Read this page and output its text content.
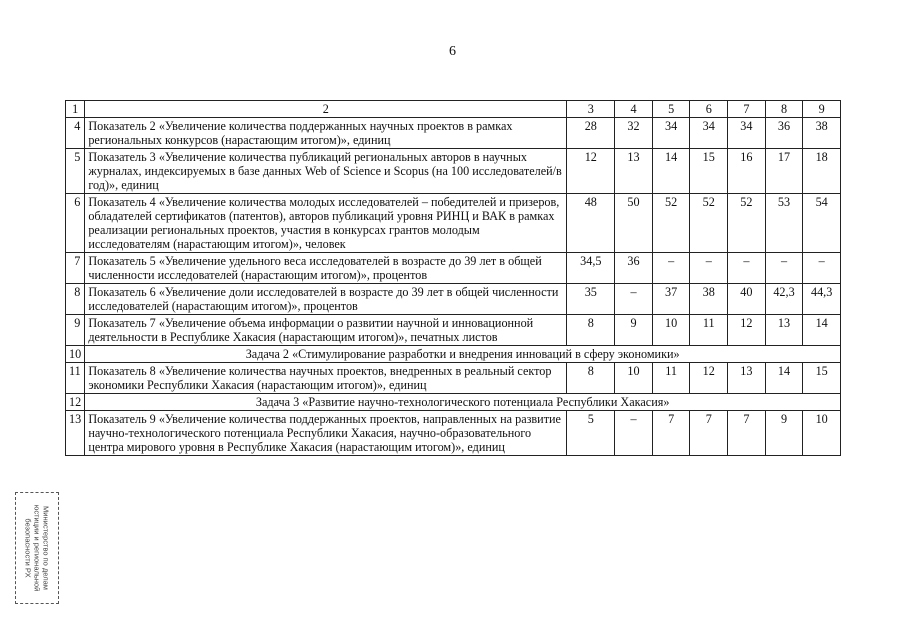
6
1	2	3	4	5	6	7	8	9
4	Показатель 2 «Увеличение количества поддержанных научных проектов в рамках региональных конкурсов (нарастающим итогом)», единиц	28	32	34	34	34	36	38
5	Показатель 3 «Увеличение количества публикаций региональных авторов в научных журналах, индексируемых в базе данных Web of Science и Scopus (на 100 исследователей/в год)», единиц	12	13	14	15	16	17	18
6	Показатель 4 «Увеличение количества молодых исследователей – победителей и призеров, обладателей сертификатов (патентов), авторов публикаций уровня РИНЦ и ВАК в рамках реализации региональных проектов, участия в конкурсах грантов молодым исследователям (нарастающим итогом)», человек	48	50	52	52	52	53	54
7	Показатель 5 «Увеличение удельного веса исследователей в возрасте до 39 лет в общей численности исследователей (нарастающим итогом)», процентов	34,5	36	–	–	–	–	–
8	Показатель 6 «Увеличение доли исследователей в возрасте до 39 лет в общей численности исследователей (нарастающим итогом)», процентов	35	–	37	38	40	42,3	44,3
9	Показатель 7 «Увеличение объема информации о развитии научной и инновационной деятельности в Республике Хакасия (нарастающим итогом)», печатных листов	8	9	10	11	12	13	14
10	Задача 2 «Стимулирование разработки и внедрения инноваций в сферу экономики»							
11	Показатель 8 «Увеличение количества научных проектов, внедренных в реальный сектор экономики Республики Хакасия (нарастающим итогом)», единиц	8	10	11	12	13	14	15
12	Задача 3 «Развитие научно-технологического потенциала Республики Хакасия»							
13	Показатель 9 «Увеличение количества поддержанных проектов, направленных на развитие научно-технологического потенциала Республики Хакасия, научно-образовательного центра мирового уровня в Республике Хакасия (нарастающим итогом)», единиц	5	–	7	7	7	9	10
Министерство по делам
юстиции и региональной
безопасности РХ
